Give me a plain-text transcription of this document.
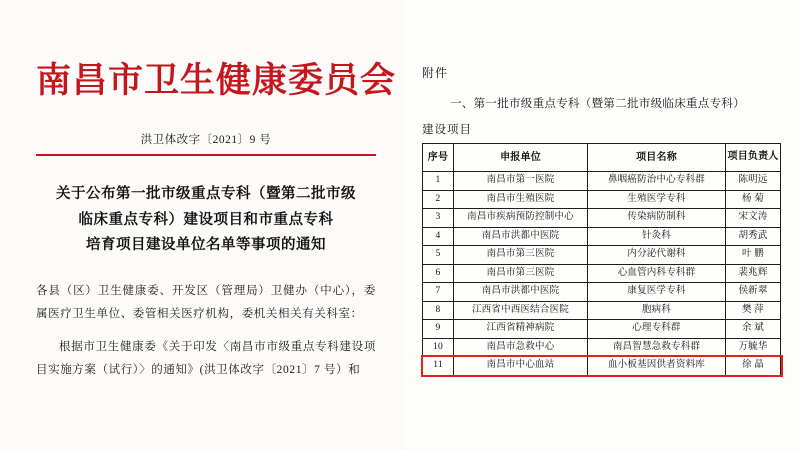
南昌市卫生健康委员会
洪卫体改字〔2021〕9 号
关于公布第一批市级重点专科（暨第二批市级
临床重点专科）建设项目和市重点专科
培育项目建设单位名单等事项的通知

各县（区）卫生健康委、开发区（管理局）卫健办（中心），委属医疗卫生单位、委管相关医疗机构，委机关相关有关科室：

根据市卫生健康委《关于印发〈南昌市市级重点专科建设项目实施方案（试行）〉的通知》(洪卫体改字〔2021〕7 号）和

附件
一、第一批市级重点专科（暨第二批市级临床重点专科）
建设项目
序号	申报单位	项目名称	项目负责人
1	南昌市第一医院	鼻咽癌防治中心专科群	陈明远
2	南昌市生殖医院	生殖医学专科	杨 菊
3	南昌市疾病预防控制中心	传染病防制科	宋文涛
4	南昌市洪都中医院	针灸科	胡秀武
5	南昌市第三医院	内分泌代谢科	叶 鹏
6	南昌市第三医院	心血管内科专科群	裴兆辉
7	南昌市洪都中医院	康复医学专科	侯新翠
8	江西省中西医结合医院	胞病科	樊 萍
9	江西省精神病院	心理专科群	余 斌
10	南昌市急救中心	南昌智慧急救专科群	万毓华
11	南昌市中心血站	血小板基因供者资料库	徐 晶
